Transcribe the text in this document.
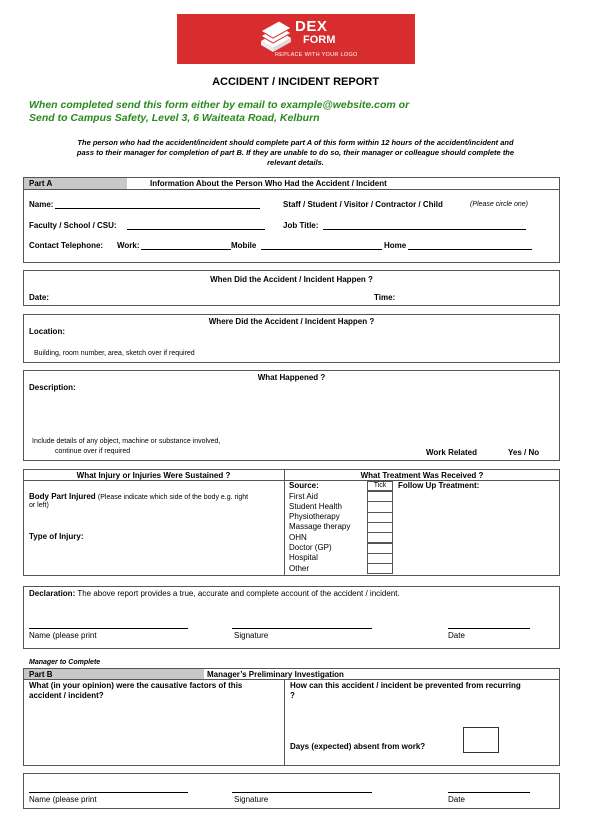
DEX
FORM
REPLACE WITH YOUR LOGO
ACCIDENT / INCIDENT REPORT
When completed send this form either by email to example@website.com or
Send to Campus Safety, Level 3, 6 Waiteata Road, Kelburn
The person who had the accident/incident should complete part A of this form within 12 hours of the accident/incident and
pass to their manager for completion of part B. If they are unable to do so, their manager or colleague should complete the
relevant details.
Part A	Information About the Person Who Had the Accident / Incident
Name:	Staff / Student / Visitor / Contractor / Child	(Please circle one)
Faculty / School / CSU:	Job Title:
Contact Telephone: Work:	Mobile	Home
When Did the Accident / Incident Happen ?
Date:	Time:
Where Did the Accident / Incident Happen ?
Location:
Building, room number, area, sketch over if required
What Happened ?
Description:
Include details of any object, machine or substance involved,
continue over if required	Work Related	Yes / No
What Injury or Injuries Were Sustained ?	What Treatment Was Received ?
Body Part Injured (Please indicate which side of the body e.g. right
or left)
Type of Injury:
Source:	Tick	Follow Up Treatment:
First Aid
Student Health
Physiotherapy
Massage therapy
OHN
Doctor (GP)
Hospital
Other
Declaration: The above report provides a true, accurate and complete account of the accident / incident.
Name (please print	Signature	Date
Manager to Complete
Part B	Manager’s Preliminary Investigation
What (in your opinion) were the causative factors of this
accident / incident?
How can this accident / incident be prevented from recurring
?
Days (expected) absent from work?
Name (please print	Signature	Date
